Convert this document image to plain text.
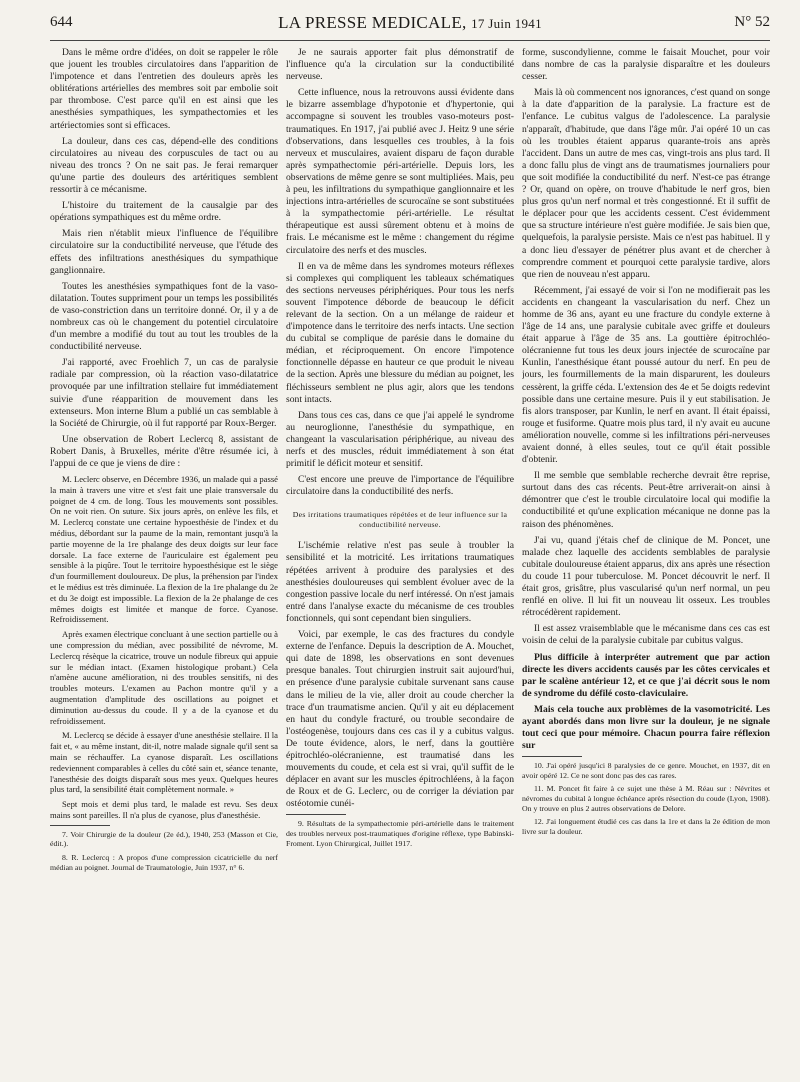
644	LA PRESSE MEDICALE, 17 Juin 1941	N° 52

Dans le même ordre d'idées, on doit se rappeler le rôle que jouent les troubles circulatoires dans l'apparition de l'impotence et dans l'entretien des douleurs après les oblitérations artérielles des membres soit par embolie soit par thrombose. C'est parce qu'il en est ainsi que les anesthésies sympathiques, les sympathectomies et les artériectomies sont si efficaces.

La douleur, dans ces cas, dépend-elle des conditions circulatoires au niveau des corpuscules de tact ou au niveau des troncs ? On ne sait pas. Je ferai remarquer qu'une partie des douleurs des artéritiques semblent ressortir à ce mécanisme.

L'histoire du traitement de la causalgie par des opérations sympathiques est du même ordre.

Mais rien n'établit mieux l'influence de l'équilibre circulatoire sur la conductibilité nerveuse, que l'étude des effets des infiltrations anesthésiques du sympathique ganglionnaire.

Toutes les anesthésies sympathiques font de la vaso-dilatation. Toutes suppriment pour un temps les possibilités de vaso-constriction dans un territoire donné. Or, il y a de nombreux cas où le changement du potentiel circulatoire d'un membre a modifié du tout au tout les troubles de la conductibilité nerveuse.

J'ai rapporté, avec Froehlich 7, un cas de paralysie radiale par compression, où la réaction vaso-dilatatrice provoquée par une infiltration stellaire fut immédiatement suivie d'une réapparition de mouvement dans les extenseurs. Mon interne Blum a publié un cas semblable à la Société de Chirurgie, où il fut rapporté par Roux-Berger.

Une observation de Robert Leclercq 8, assistant de Robert Danis, à Bruxelles, mérite d'être résumée ici, à l'appui de ce que je viens de dire :

M. Leclerc observe, en Décembre 1936, un malade qui a passé la main à travers une vitre et s'est fait une plaie transversale du poignet de 4 cm. de long. Tous les mouvements sont possibles. On ne voit rien. On suture. Six jours après, on enlève les fils, et M. Leclercq constate une certaine hypoesthésie de l'index et du médius, débordant sur la paume de la main, remontant jusqu'à la partie moyenne de la 1re phalange des deux doigts sur leur face dorsale. La face externe de l'auriculaire est également peu sensible à la piqûre. Tout le territoire hypoesthésique est le siège d'un fourmillement douloureux. De plus, la préhension par l'index et le médius est très diminuée. La flexion de la 1re phalange du 2e et du 3e doigt est impossible. La flexion de la 2e phalange de ces mêmes doigts est limitée et manque de force. Cyanose. Refroidissement.

Après examen électrique concluant à une section partielle ou à une compression du médian, avec possibilité de névrome, M. Leclercq résèque la cicatrice, trouve un nodule fibreux qui appuie sur le médian intact. (Examen histologique probant.) Cela n'amène aucune amélioration, ni des troubles sensitifs, ni des troubles moteurs. L'examen au Pachon montre qu'il y a augmentation d'amplitude des oscillations au poignet et diminution au-dessus du coude. Il y a de la cyanose et du refroidissement.

M. Leclercq se décide à essayer d'une anesthésie stellaire. Il la fait et, « au même instant, dit-il, notre malade signale qu'il sent sa main se réchauffer. La cyanose disparaît. Les oscillations redeviennent comparables à celles du côté sain et, séance tenante, l'anesthésie des doigts disparaît sous mes yeux. Quelques heures plus tard, la sensibilité était complètement normale. »

Sept mois et demi plus tard, le malade est revu. Ses deux mains sont pareilles. Il n'a plus de cyanose, plus d'anesthésie.

7. Voir Chirurgie de la douleur (2e éd.), 1940, 253 (Masson et Cie, édit.).

8. R. Leclercq : A propos d'une compression cicatricielle du nerf médian au poignet. Journal de Traumatologie, Juin 1937, n° 6.

Je ne saurais apporter fait plus démonstratif de l'influence qu'a la circulation sur la conductibilité nerveuse.

Cette influence, nous la retrouvons aussi évidente dans le bizarre assemblage d'hypotonie et d'hypertonie, qui accompagne si souvent les troubles vaso-moteurs post-traumatiques. En 1917, j'ai publié avec J. Heitz 9 une série d'observations, dans lesquelles ces troubles, à la fois nerveux et musculaires, avaient disparu de façon durable après sympathectomie péri-artérielle. Depuis lors, les observations de même genre se sont multipliées. Mais, peu à peu, les infiltrations du sympathique ganglionnaire et les injections intra-artérielles de scurocaïne se sont substituées à la sympathectomie péri-artérielle. Le résultat thérapeutique est aussi sûrement obtenu et à moins de frais. Le mécanisme est le même : changement du régime circulatoire des nerfs et des muscles.

Il en va de même dans les syndromes moteurs réflexes si complexes qui compliquent les tableaux schématiques des sections nerveuses périphériques. Pour tous les nerfs souvent l'impotence déborde de beaucoup le déficit relevant de la section. On a un mélange de raideur et d'impotence dans le territoire des nerfs intacts. Une section du cubital se complique de parésie dans le domaine du médian, et réciproquement. On encore l'impotence fonctionnelle dépasse en hauteur ce que produit le niveau de la section. Après une blessure du médian au poignet, les fléchisseurs semblent ne plus agir, alors que les tendons sont intacts.

Dans tous ces cas, dans ce que j'ai appelé le syndrome au neuroglionne, l'anesthésie du sympathique, en changeant la vascularisation périphérique, au niveau des nerfs et des muscles, réduit immédiatement à son état primitif le déficit moteur et sensitif.

C'est encore une preuve de l'importance de l'équilibre circulatoire dans la conductibilité des nerfs.

Des irritations traumatiques répétées et de leur influence sur la conductibilité nerveuse.

L'ischémie relative n'est pas seule à troubler la sensibilité et la motricité. Les irritations traumatiques répétées arrivent à produire des paralysies et des anesthésies douloureuses qui semblent évoluer avec de la congestion passive locale du nerf intéressé. On n'est jamais entré dans l'analyse exacte du mécanisme de ces troubles fonctionnels, qui sont cependant bien singuliers.

Voici, par exemple, le cas des fractures du condyle externe de l'enfance. Depuis la description de A. Mouchet, qui date de 1898, les observations en sont devenues presque banales. Tout chirurgien instruit sait aujourd'hui, en présence d'une paralysie cubitale survenant sans cause dans le milieu de la vie, aller droit au coude chercher la trace d'un traumatisme ancien. Qu'il y ait eu déplacement en haut du condyle fracturé, ou trouble secondaire de l'ostéogenèse, toujours dans ces cas il y a cubitus valgus. De toute évidence, alors, le nerf, dans la gouttière épitrochléo-olécranienne, est traumatisé dans les mouvements du coude, et cela est si vrai, qu'il suffit de le déplacer en avant sur les muscles épitrochléens, à la façon de Roux et de G. Leclerc, ou de corriger la déviation par ostéotomie cunéi-

9. Résultats de la sympathectomie péri-artérielle dans le traitement des troubles nerveux post-traumatiques d'origine réflexe, type Babinski-Froment. Lyon Chirurgical, Juillet 1917.

forme, suscondylienne, comme le faisait Mouchet, pour voir dans nombre de cas la paralysie disparaître et les douleurs cesser.

Mais là où commencent nos ignorances, c'est quand on songe à la date d'apparition de la paralysie. La fracture est de l'enfance. Le cubitus valgus de l'adolescence. La paralysie n'apparaît, d'habitude, que dans l'âge mûr. J'ai opéré 10 un cas où les troubles étaient apparus quarante-trois ans après l'accident. Dans un autre de mes cas, vingt-trois ans plus tard. Il a donc fallu plus de vingt ans de traumatismes journaliers pour que soit modifiée la conductibilité du nerf. N'est-ce pas étrange ? Or, quand on opère, on trouve d'habitude le nerf gros, bien plus gros qu'un nerf normal et très congestionné. Et il suffit de le déplacer pour que les accidents cessent. C'est évidemment que sa structure intérieure n'est guère modifiée. Je sais bien que, quelquefois, la paralysie persiste. Mais ce n'est pas habituel. Il y a donc lieu d'essayer de pénétrer plus avant et de chercher à comprendre comment et pourquoi cette paralysie tardive, alors que rien de nouveau n'est apparu.

Récemment, j'ai essayé de voir si l'on ne modifierait pas les accidents en changeant la vascularisation du nerf. Chez un homme de 36 ans, ayant eu une fracture du condyle externe à l'âge de 14 ans, une paralysie cubitale avec griffe et douleurs était apparue à l'âge de 35 ans. La gouttière épitrochléo-olécranienne fut tous les deux jours injectée de scurocaïne par Kunlin, l'anesthésique étant poussé autour du nerf. En peu de jours, les fourmillements de la main disparurent, les douleurs cessèrent, la griffe céda. L'extension des 4e et 5e doigts redevint possible dans une certaine mesure. Puis il y eut stabilisation. Je fis alors transposer, par Kunlin, le nerf en avant. Il était épaissi, rouge et fusiforme. Quatre mois plus tard, il n'y avait eu aucune amélioration nouvelle, comme si les infiltrations péri-nerveuses avaient donné, à elles seules, tout ce qu'il était possible d'obtenir.

Il me semble que semblable recherche devrait être reprise, surtout dans des cas récents. Peut-être arriverait-on ainsi à démontrer que c'est le trouble circulatoire local qui modifie la conductibilité et qu'une explication mécanique ne donne pas la raison des phénomènes.

J'ai vu, quand j'étais chef de clinique de M. Poncet, une malade chez laquelle des accidents semblables de paralysie cubitale douloureuse étaient apparus, dix ans après une résection du coude 11 pour tuberculose. M. Poncet découvrit le nerf. Il était gros, grisâtre, plus vascularisé qu'un nerf normal, un peu renflé en olive. Il lui fit un nouveau lit osseux. Les troubles rétrocédèrent rapidement.

Il est assez vraisemblable que le mécanisme dans ces cas est voisin de celui de la paralysie cubitale par cubitus valgus.

Plus difficile à interpréter autrement que par action directe les divers accidents causés par les côtes cervicales et par le scalène antérieur 12, et ce que j'ai décrit sous le nom de syndrome du défilé costo-claviculaire.

Mais cela touche aux problèmes de la vasomotricité. Les ayant abordés dans mon livre sur la douleur, je ne signale tout ceci que pour mémoire. Chacun pourra faire réflexion sur

10. J'ai opéré jusqu'ici 8 paralysies de ce genre. Mouchet, en 1937, dit en avoir opéré 12. Ce ne sont donc pas des cas rares.

11. M. Poncet fit faire à ce sujet une thèse à M. Réau sur : Névrites et névromes du cubital à longue échéance après résection du coude (Lyon, 1908). On y trouve en plus 2 autres observations de Delore.

12. J'ai longuement étudié ces cas dans la 1re et dans la 2e édition de mon livre sur la douleur.
